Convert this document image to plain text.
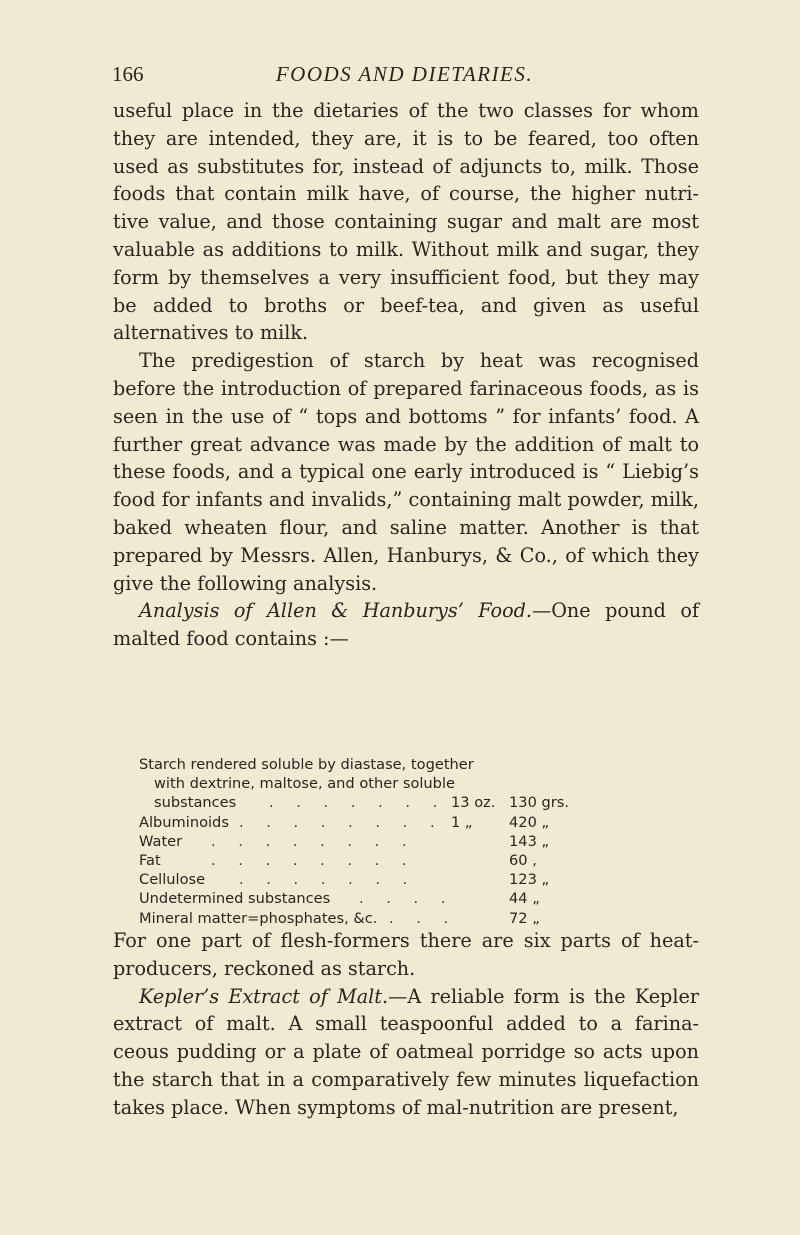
166	FOODS AND DIETARIES.

useful place in the dietaries of the two classes for whom they are intended, they are, it is to be feared, too often used as substitutes for, instead of adjuncts to, milk. Those foods that contain milk have, of course, the higher nutri- tive value, and those containing sugar and malt are most valuable as additions to milk. Without milk and sugar, they form by themselves a very insufficient food, but they may be added to broths or beef-tea, and given as useful alternatives to milk.

The predigestion of starch by heat was recognised before the introduction of prepared farinaceous foods, as is seen in the use of “ tops and bottoms ” for infants’ food. A further great advance was made by the addition of malt to these foods, and a typical one early introduced is “ Liebig’s food for infants and invalids,” containing malt powder, milk, baked wheaten flour, and saline matter. Another is that prepared by Messrs. Allen, Hanburys, & Co., of which they give the following analysis.

Analysis of Allen & Hanburys’ Food.—One pound of malted food contains :—

Starch rendered soluble by diastase, together
with dextrine, maltose, and other soluble
substances . . . . . . . 13 oz. 130 grs.
Albuminoids . . . . . . . . 1 „	420 „
Water . . . . . . . .	143 „
Fat	. . . . . . . .	60 ,
Cellulose . . . . . . .	123 „
Undetermined substances . . . .	44 „
Mineral matter=phosphates, &c. . . .	72 „

For one part of flesh-formers there are six parts of heat- producers, reckoned as starch.

Kepler’s Extract of Malt.—A reliable form is the Kepler extract of malt. A small teaspoonful added to a farina- ceous pudding or a plate of oatmeal porridge so acts upon the starch that in a comparatively few minutes liquefaction takes place. When symptoms of mal-nutrition are present,
